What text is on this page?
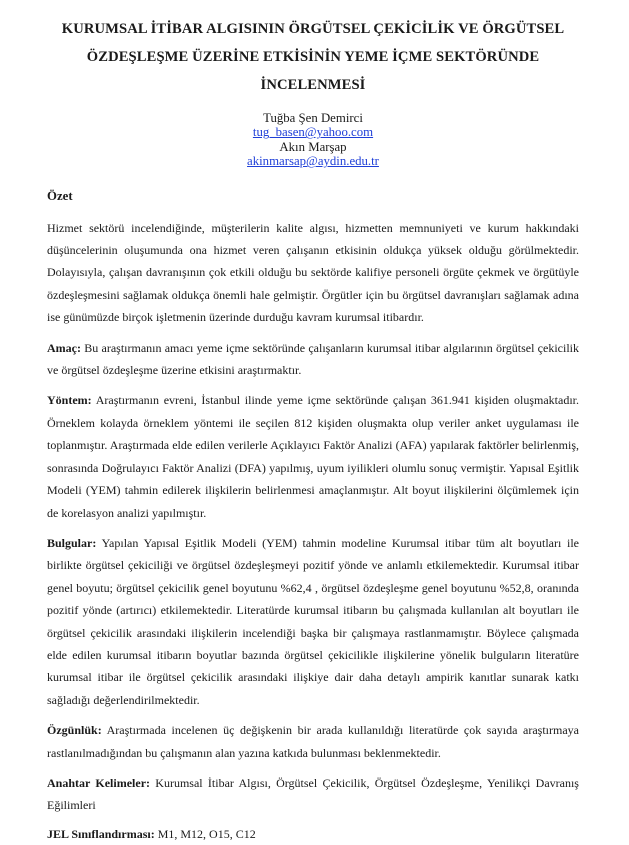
KURUMSAL İTİBAR ALGISININ ÖRGÜTSEL ÇEKİCİLİK VE ÖRGÜTSEL
ÖZDEŞLEŞME ÜZERİNE ETKİSİNİN YEME İÇME SEKTÖRÜNDE
İNCELENMESİ
Tuğba Şen Demirci
tug_basen@yahoo.com
Akın Marşap
akinmarsap@aydin.edu.tr
Özet

Hizmet sektörü incelendiğinde, müşterilerin kalite algısı, hizmetten memnuniyeti ve kurum hakkındaki düşüncelerinin oluşumunda ona hizmet veren çalışanın etkisinin oldukça yüksek olduğu görülmektedir. Dolayısıyla, çalışan davranışının çok etkili olduğu bu sektörde kalifiye personeli örgüte çekmek ve örgütüyle özdeşleşmesini sağlamak oldukça önemli hale gelmiştir. Örgütler için bu örgütsel davranışları sağlamak adına ise günümüzde birçok işletmenin üzerinde durduğu kavram kurumsal itibardır.

Amaç: Bu araştırmanın amacı yeme içme sektöründe çalışanların kurumsal itibar algılarının örgütsel çekicilik ve örgütsel özdeşleşme üzerine etkisini araştırmaktır.

Yöntem: Araştırmanın evreni, İstanbul ilinde yeme içme sektöründe çalışan 361.941 kişiden oluşmaktadır. Örneklem kolayda örneklem yöntemi ile seçilen 812 kişiden oluşmakta olup veriler anket uygulaması ile toplanmıştır. Araştırmada elde edilen verilerle Açıklayıcı Faktör Analizi (AFA) yapılarak faktörler belirlenmiş, sonrasında Doğrulayıcı Faktör Analizi (DFA) yapılmış, uyum iyilikleri olumlu sonuç vermiştir. Yapısal Eşitlik Modeli (YEM) tahmin edilerek ilişkilerin belirlenmesi amaçlanmıştır. Alt boyut ilişkilerini ölçümlemek için de korelasyon analizi yapılmıştır.

Bulgular: Yapılan Yapısal Eşitlik Modeli (YEM) tahmin modeline Kurumsal itibar tüm alt boyutları ile birlikte örgütsel çekiciliği ve örgütsel özdeşleşmeyi pozitif yönde ve anlamlı etkilemektedir. Kurumsal itibar genel boyutu; örgütsel çekicilik genel boyutunu %62,4 , örgütsel özdeşleşme genel boyutunu %52,8, oranında pozitif yönde (artırıcı) etkilemektedir. Literatürde kurumsal itibarın bu çalışmada kullanılan alt boyutları ile örgütsel çekicilik arasındaki ilişkilerin incelendiği başka bir çalışmaya rastlanmamıştır. Böylece çalışmada elde edilen kurumsal itibarın boyutlar bazında örgütsel çekicilikle ilişkilerine yönelik bulguların literatüre kurumsal itibar ile örgütsel çekicilik arasındaki ilişkiye dair daha detaylı ampirik kanıtlar sunarak katkı sağladığı değerlendirilmektedir.

Özgünlük: Araştırmada incelenen üç değişkenin bir arada kullanıldığı literatürde çok sayıda araştırmaya rastlanılmadığından bu çalışmanın alan yazına katkıda bulunması beklenmektedir.

Anahtar Kelimeler: Kurumsal İtibar Algısı, Örgütsel Çekicilik, Örgütsel Özdeşleşme, Yenilikçi Davranış Eğilimleri

JEL Sınıflandırması: M1, M12, O15, C12
